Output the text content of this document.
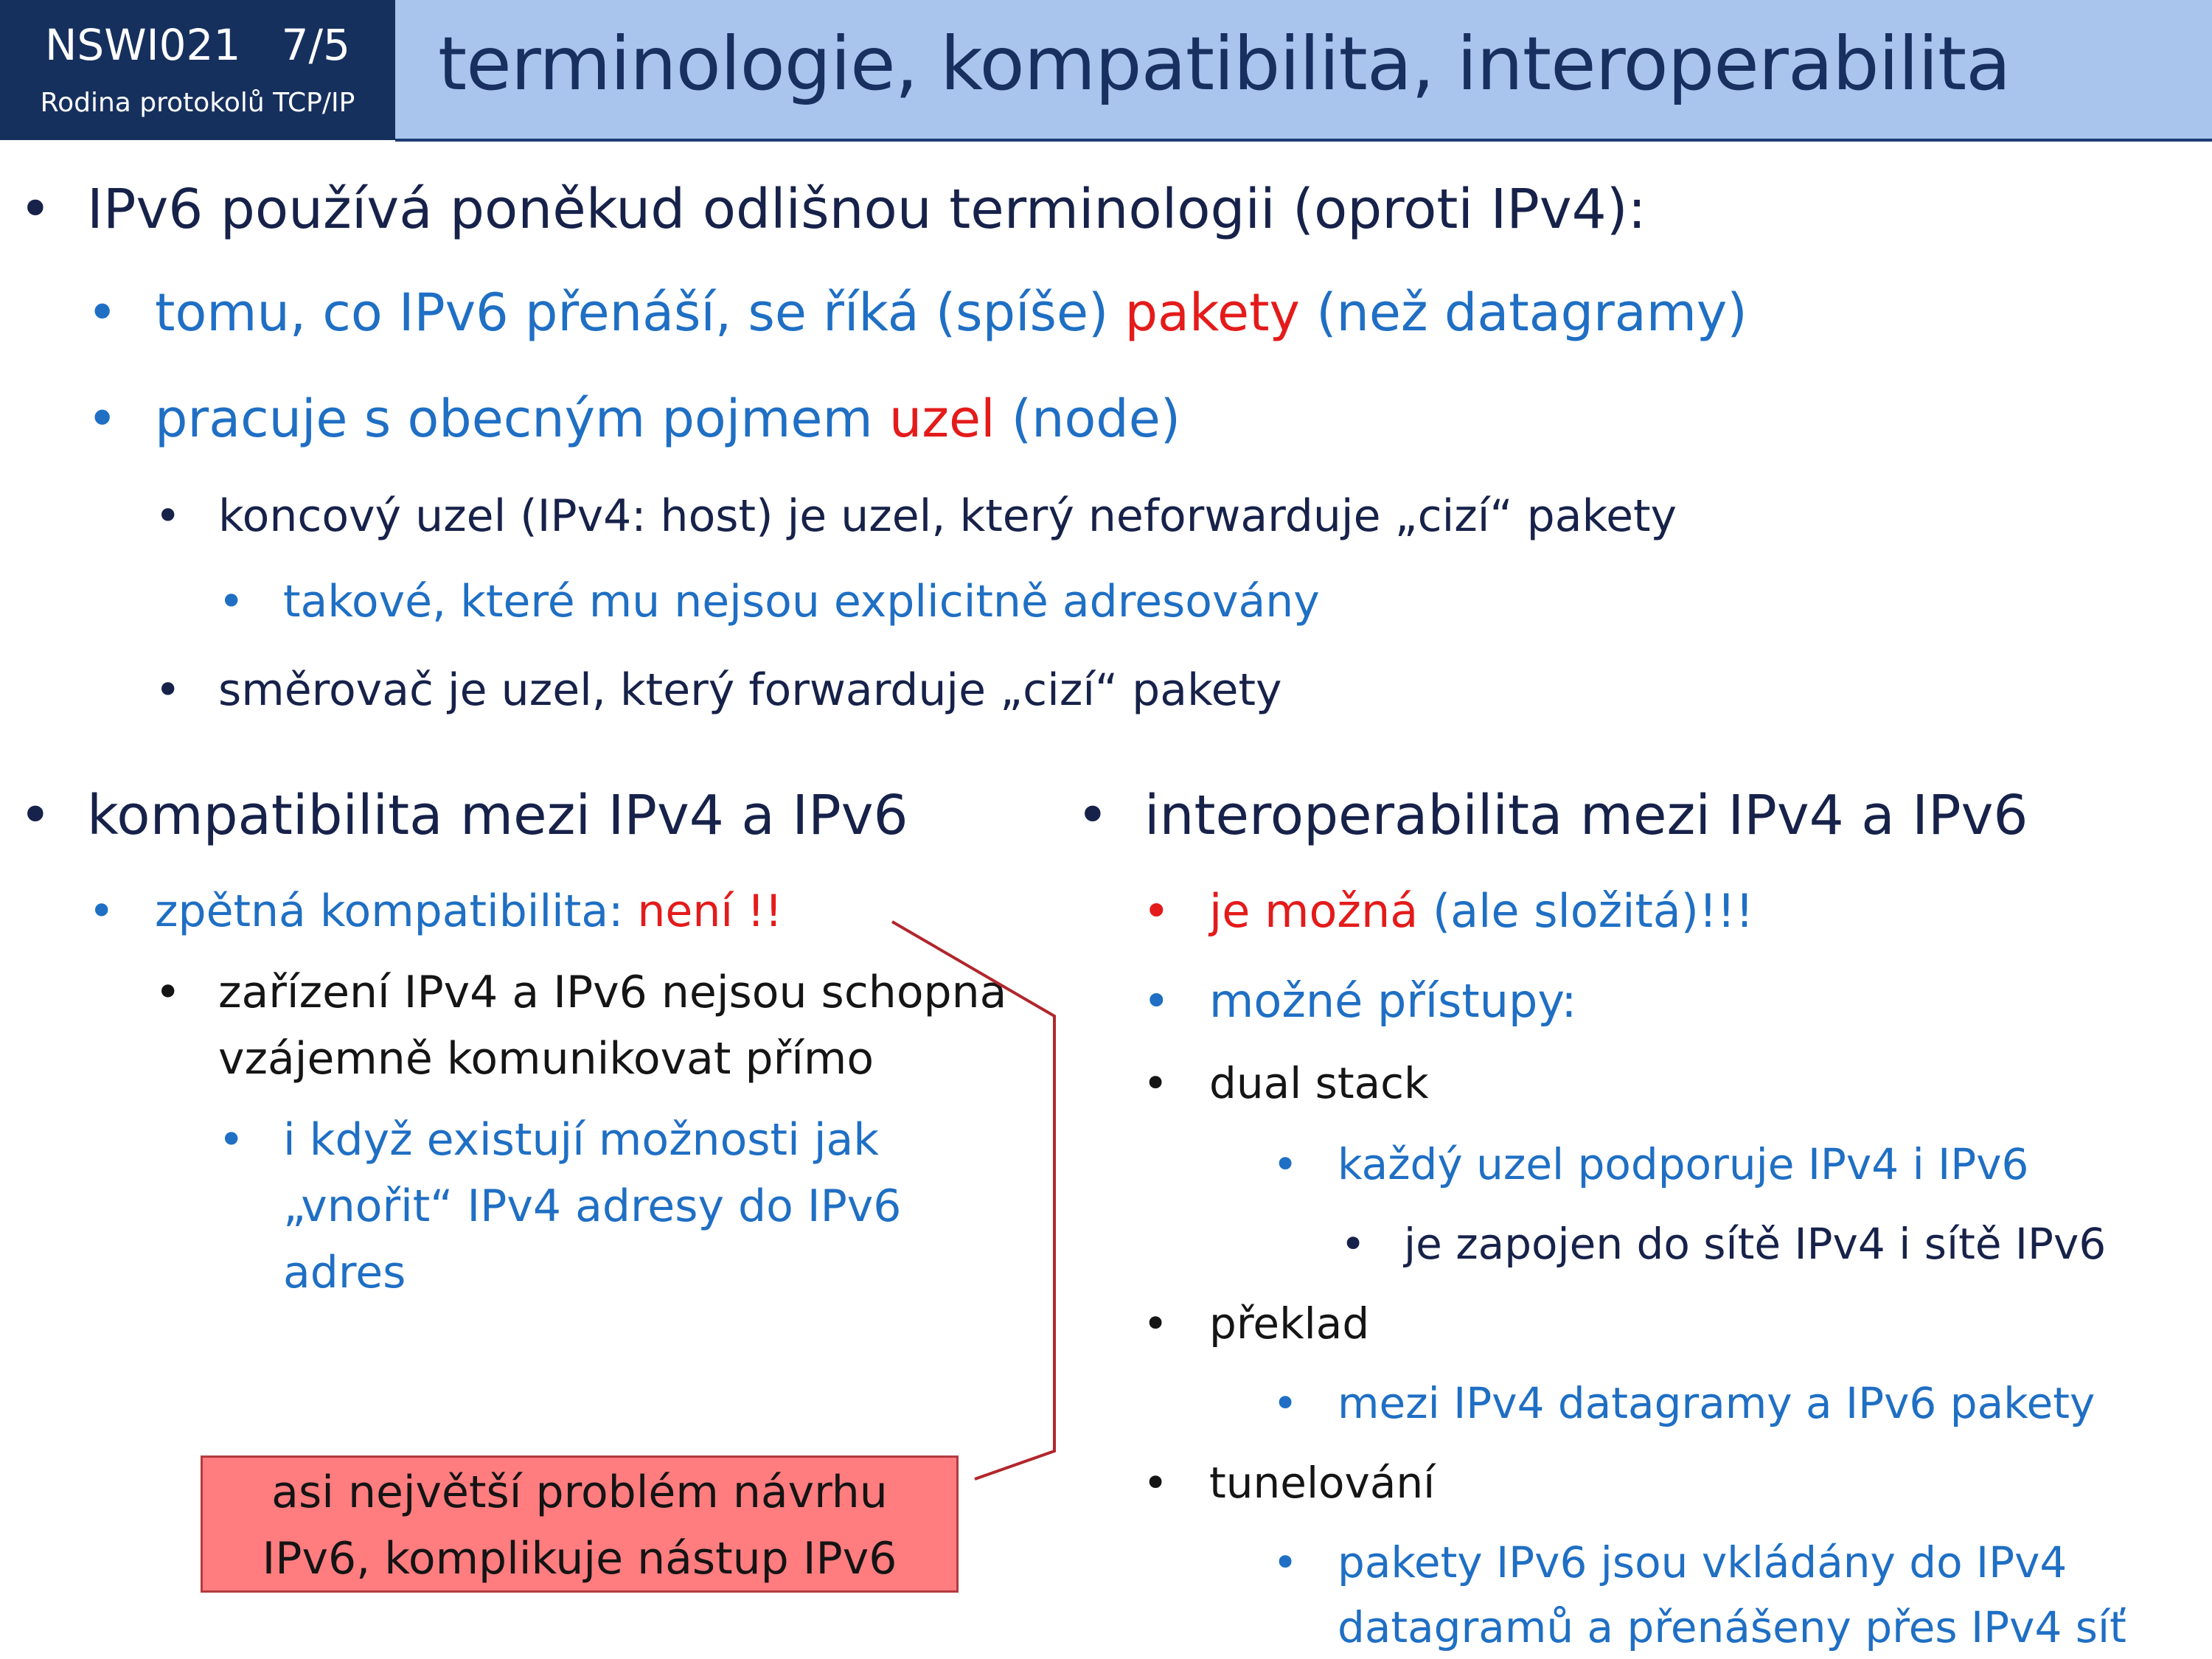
NSWI021   7/5
Rodina protokolů TCP/IP	terminologie, kompatibilita, interoperabilita
• IPv6 používá poněkud odlišnou terminologii (oproti IPv4):
• tomu, co IPv6 přenáší, se říká (spíše) pakety (než datagramy)
• pracuje s obecným pojmem uzel (node)
• koncový uzel (IPv4: host) je uzel, který neforwarduje „cizí“ pakety
• takové, které mu nejsou explicitně adresovány
• směrovač je uzel, který forwarduje „cizí“ pakety
• kompatibilita mezi IPv4 a IPv6
• zpětná kompatibilita: není !!
• zařízení IPv4 a IPv6 nejsou schopna
vzájemně komunikovat přímo
• i když existují možnosti jak
„vnořit“ IPv4 adresy do IPv6
adres
asi největší problém návrhu
IPv6, komplikuje nástup IPv6
• interoperabilita mezi IPv4 a IPv6
• je možná (ale složitá)!!!
• možné přístupy:
• dual stack
• každý uzel podporuje IPv4 i IPv6
• je zapojen do sítě IPv4 i sítě IPv6
• překlad
• mezi IPv4 datagramy a IPv6 pakety
• tunelování
• pakety IPv6 jsou vkládány do IPv4
datagramů a přenášeny přes IPv4 síť
